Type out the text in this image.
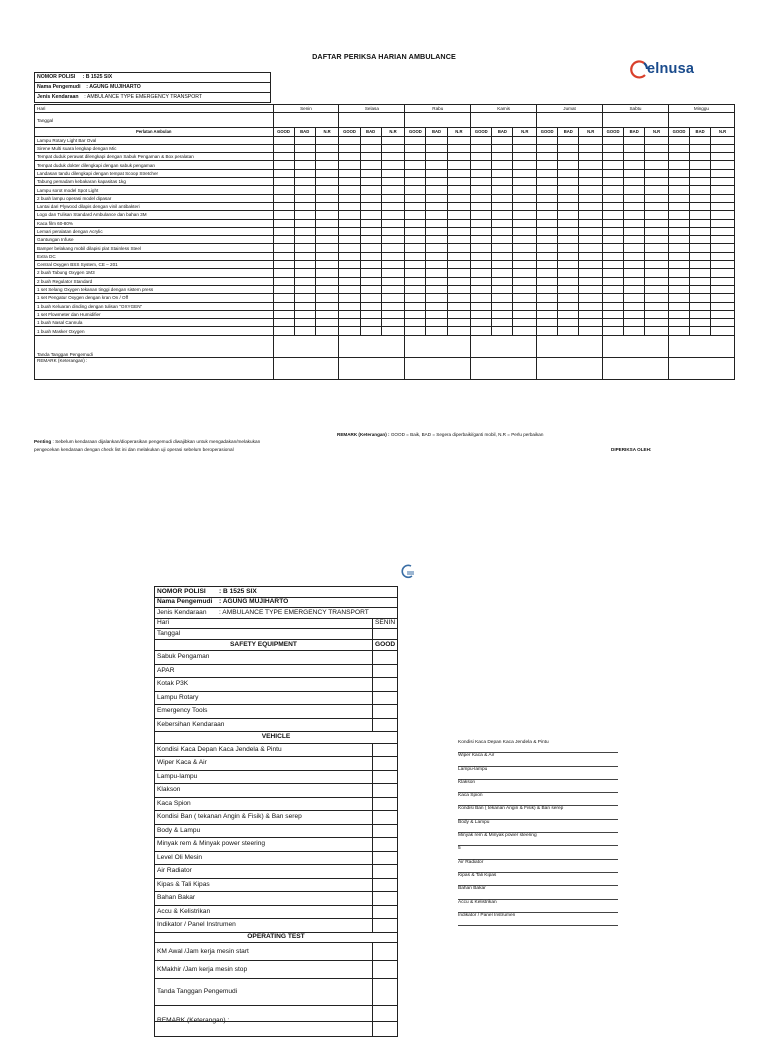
DAFTAR PERIKSA HARIAN AMBULANCE
elnusa
NOMOR POLISI : B 1525 SIX
Nama Pengemudi : AGUNG MUJIHARTO
Jenis Kendaraan : AMBULANCE TYPE EMERGENCY TRANSPORT
Hari	Senin			Selasa			Rabu			Kamis			Jumat			Sabtu			Minggu		
Tanggal																					
Perlatan Ambulan	GOOD	BAD	N.R	GOOD	BAD	N.R	GOOD	BAD	N.R	GOOD	BAD	N.R	GOOD	BAD	N.R	GOOD	BAD	N.R	GOOD	BAD	N.R
Lampu Rotary Light Bar Oval																					
Sirene Multi suara lengkap dengan Mic																					
Tempat duduk perawat dilengkapi dengan Sabuk Pengaman & Box peralatan																					
Tempat duduk dokter dilengkapi dengan sabuk pengaman																					
Landasan tandu dilengkapi dengan tempat Scoop Stretcher																					
Tabung pemadam kebakaran kapasitas 1kg																					
Lampu sorot model Spot Light																					
2 buah lampu operasi model dipasar																					
Lantai dari Plywood dilapis dengan vinil antibakteri																					
Logo dan Tulisan Standard Ambulance dan bahan 3M																					
Kaca film 60-80%																					
Lemari peralatan dengan Acrylic																					
Gantungan Infuse																					
Bamper belakang mobil dilapisi plat Stainless Steel																					
Extra DC																					
Central Oxygen BSS System, CE – 201																					
2 buah Tabung Oxygen 1M3																					
2 buah Regulator Standard																					
1 set Selang Oxygen tekanan tinggi dengan sistem press																					
1 set Pengatur Oxygen dengan kran On / Off																					
1 buah Keluaran dinding dengan tulisan "OXYGEN"																					
1 set Flowmeter dan Humidifier																					
1 buah Nasal Cannula																					
1 buah Masker Oxygen																					
Tanda Tanggan Pengemudi																					
REMARK (Keterangan) :																					
REMARK (Keterangan) : GOOD = Baik, BAD = Segera diperbaiki/ganti mobil, N.R = Perlu perbaikan
Penting : Sebelum kendaraan dijalankan/dioperasikan pengemudi diwajibkan untuk mengadakan/melakukan pengecekan kendaraan dengan check list ini dan melakukan uji operasi sebelum beroperasional	DIPERIKSA OLEH:
NOMOR POLISI : B 1525 SIX	
Nama Pengemudi : AGUNG MUJIHARTO	
Jenis Kendaraan : AMBULANCE TYPE EMERGENCY TRANSPORT	
Hari	SENIN
Tanggal	
SAFETY EQUIPMENT	GOOD
Sabuk Pengaman	
APAR	
Kotak P3K	
Lampu Rotary	
Emergency Tools	
Kebersihan Kendaraan	
VEHICLE	
Kondisi Kaca Depan Kaca Jendela & Pintu	
Wiper Kaca & Air	
Lampu-lampu	
Klakson	
Kaca Spion	
Kondisi Ban ( tekanan Angin & Fisik) & Ban serep	
Body & Lampu	
Minyak rem & Minyak power steering	
Level Oli Mesin	
Air Radiator	
Kipas & Tali Kipas	
Bahan Bakar	
Accu & Kelistrikan	
Indikator / Panel Instrumen	
OPERATING TEST	
KM Awal /Jam kerja mesin start	
KMakhir /Jam kerja mesin stop	
Tanda Tanggan Pengemudi	

Kondisi Kaca Depan Kaca Jendela & Pintu
Wiper Kaca & Air
Lampu-lampu
Klakson
Kaca Spion
Kondisi Ban ( tekanan Angin & Fisik) & Ban serep
Body & Lampu
Minyak rem & Minyak power steering
5
Air Radiator
Kipas & Tali Kipas
Bahan Bakar
Accu & Kelistrikan
Indikator / Panel Instrumen
